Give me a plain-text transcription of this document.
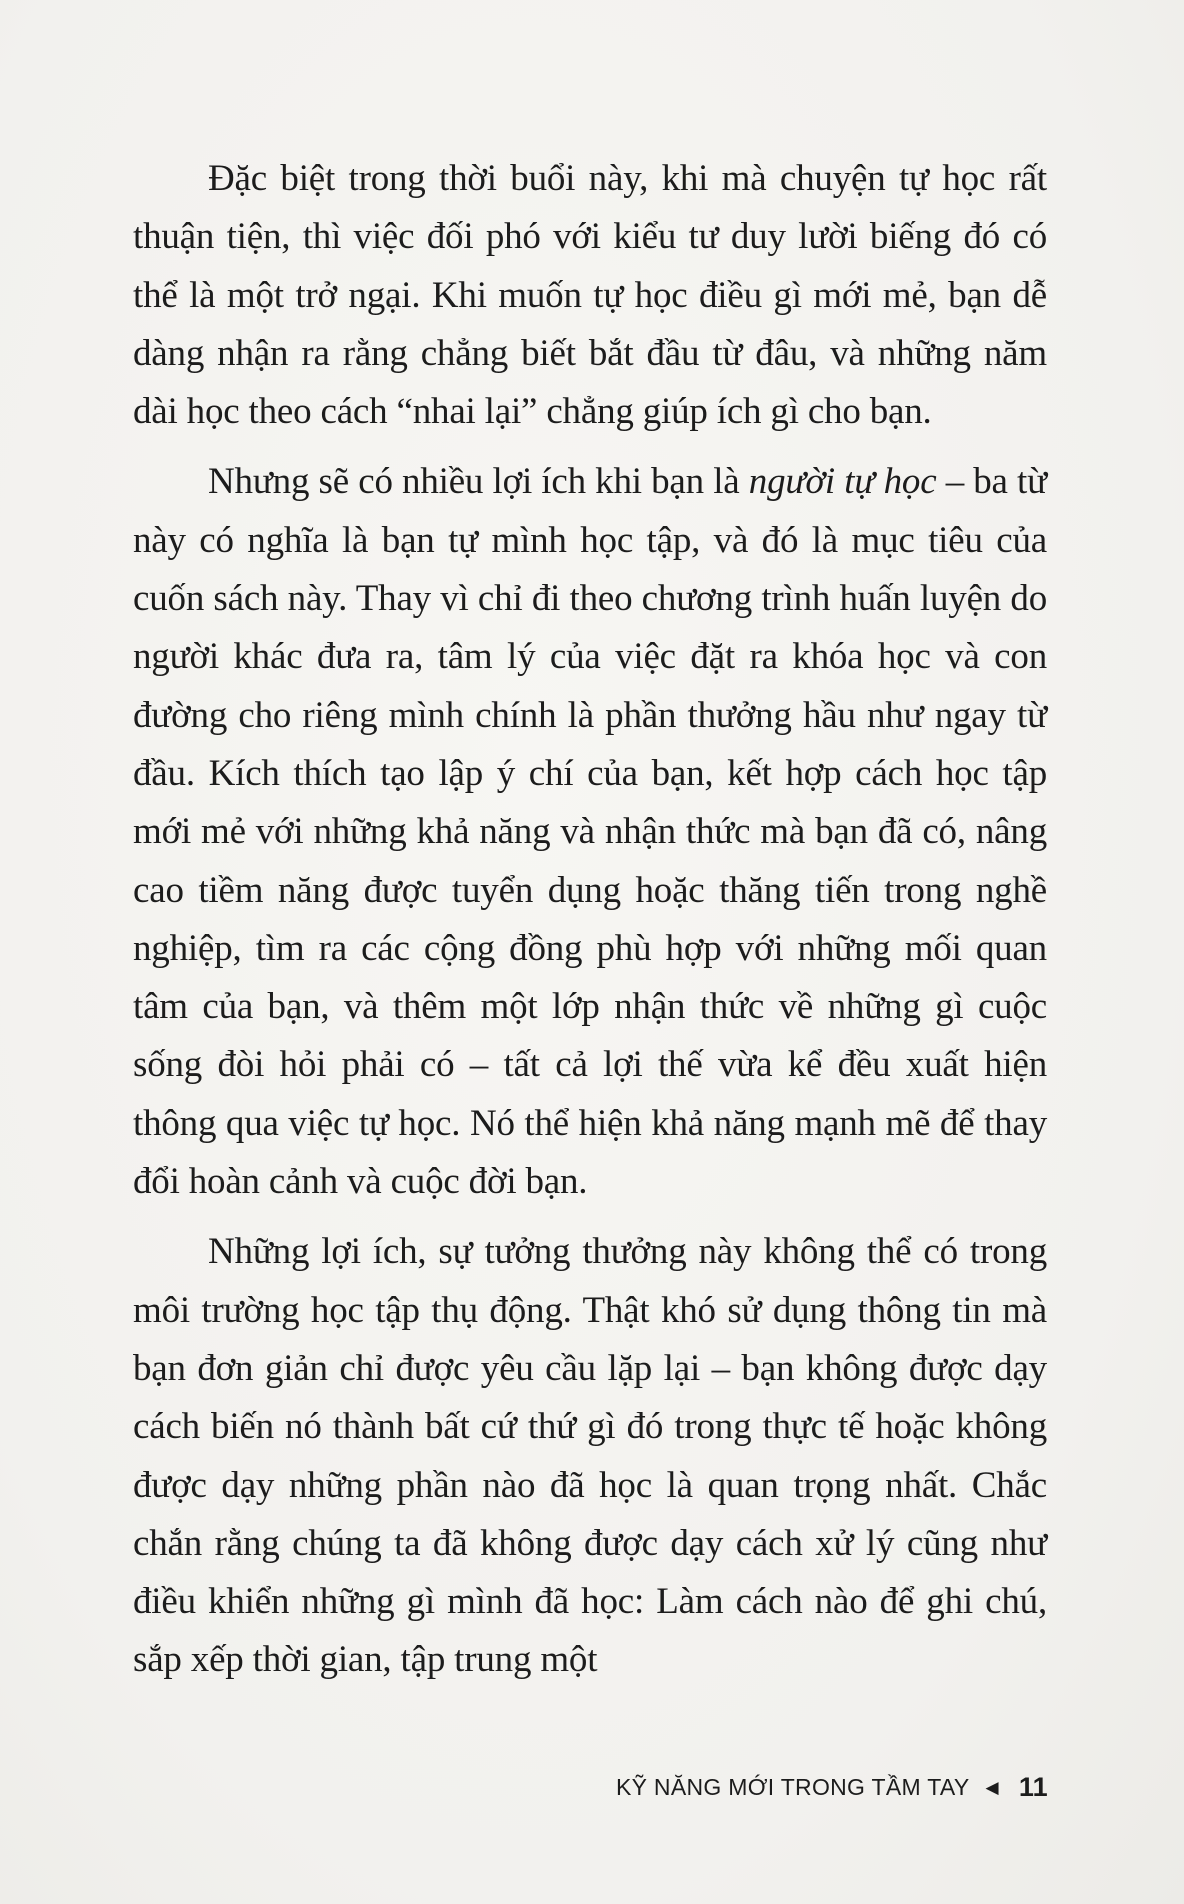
Đặc biệt trong thời buổi này, khi mà chuyện tự học rất thuận tiện, thì việc đối phó với kiểu tư duy lười biếng đó có thể là một trở ngại. Khi muốn tự học điều gì mới mẻ, bạn dễ dàng nhận ra rằng chẳng biết bắt đầu từ đâu, và những năm dài học theo cách “nhai lại” chẳng giúp ích gì cho bạn.

Nhưng sẽ có nhiều lợi ích khi bạn là người tự học – ba từ này có nghĩa là bạn tự mình học tập, và đó là mục tiêu của cuốn sách này. Thay vì chỉ đi theo chương trình huấn luyện do người khác đưa ra, tâm lý của việc đặt ra khóa học và con đường cho riêng mình chính là phần thưởng hầu như ngay từ đầu. Kích thích tạo lập ý chí của bạn, kết hợp cách học tập mới mẻ với những khả năng và nhận thức mà bạn đã có, nâng cao tiềm năng được tuyển dụng hoặc thăng tiến trong nghề nghiệp, tìm ra các cộng đồng phù hợp với những mối quan tâm của bạn, và thêm một lớp nhận thức về những gì cuộc sống đòi hỏi phải có – tất cả lợi thế vừa kể đều xuất hiện thông qua việc tự học. Nó thể hiện khả năng mạnh mẽ để thay đổi hoàn cảnh và cuộc đời bạn.

Những lợi ích, sự tưởng thưởng này không thể có trong môi trường học tập thụ động. Thật khó sử dụng thông tin mà bạn đơn giản chỉ được yêu cầu lặp lại – bạn không được dạy cách biến nó thành bất cứ thứ gì đó trong thực tế hoặc không được dạy những phần nào đã học là quan trọng nhất. Chắc chắn rằng chúng ta đã không được dạy cách xử lý cũng như điều khiển những gì mình đã học: Làm cách nào để ghi chú, sắp xếp thời gian, tập trung một

KỸ NĂNG MỚI TRONG TẦM TAY ◀ 11
